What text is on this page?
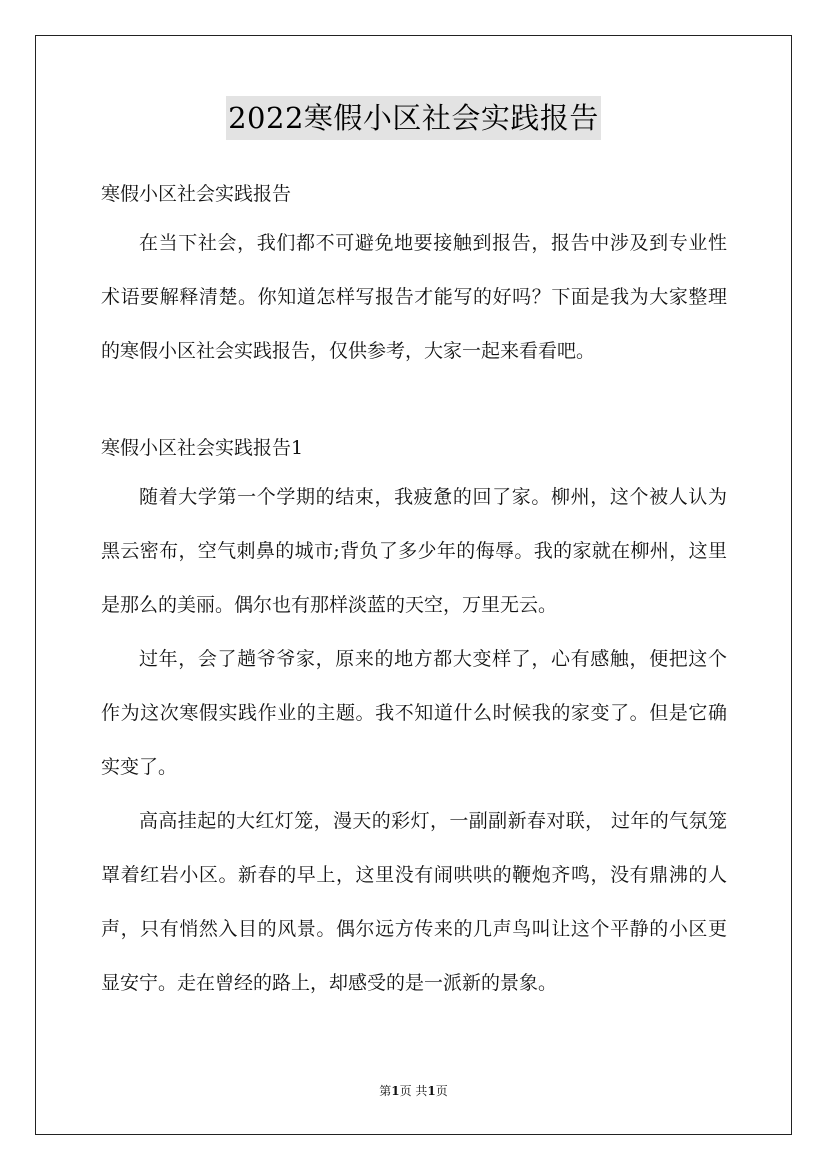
2022寒假小区社会实践报告

寒假小区社会实践报告

在当下社会，我们都不可避免地要接触到报告，报告中涉及到专业性术语要解释清楚。你知道怎样写报告才能写的好吗？下面是我为大家整理的寒假小区社会实践报告，仅供参考，大家一起来看看吧。

寒假小区社会实践报告1

随着大学第一个学期的结束，我疲惫的回了家。柳州，这个被人认为黑云密布，空气刺鼻的城市;背负了多少年的侮辱。我的家就在柳州，这里是那么的美丽。偶尔也有那样淡蓝的天空，万里无云。

过年，会了趟爷爷家，原来的地方都大变样了，心有感触，便把这个作为这次寒假实践作业的主题。我不知道什么时候我的家变了。但是它确实变了。

高高挂起的大红灯笼，漫天的彩灯，一副副新春对联， 过年的气氛笼罩着红岩小区。新春的早上，这里没有闹哄哄的鞭炮齐鸣，没有鼎沸的人声，只有悄然入目的风景。偶尔远方传来的几声鸟叫让这个平静的小区更显安宁。走在曾经的路上，却感受的是一派新的景象。

第1页 共1页
